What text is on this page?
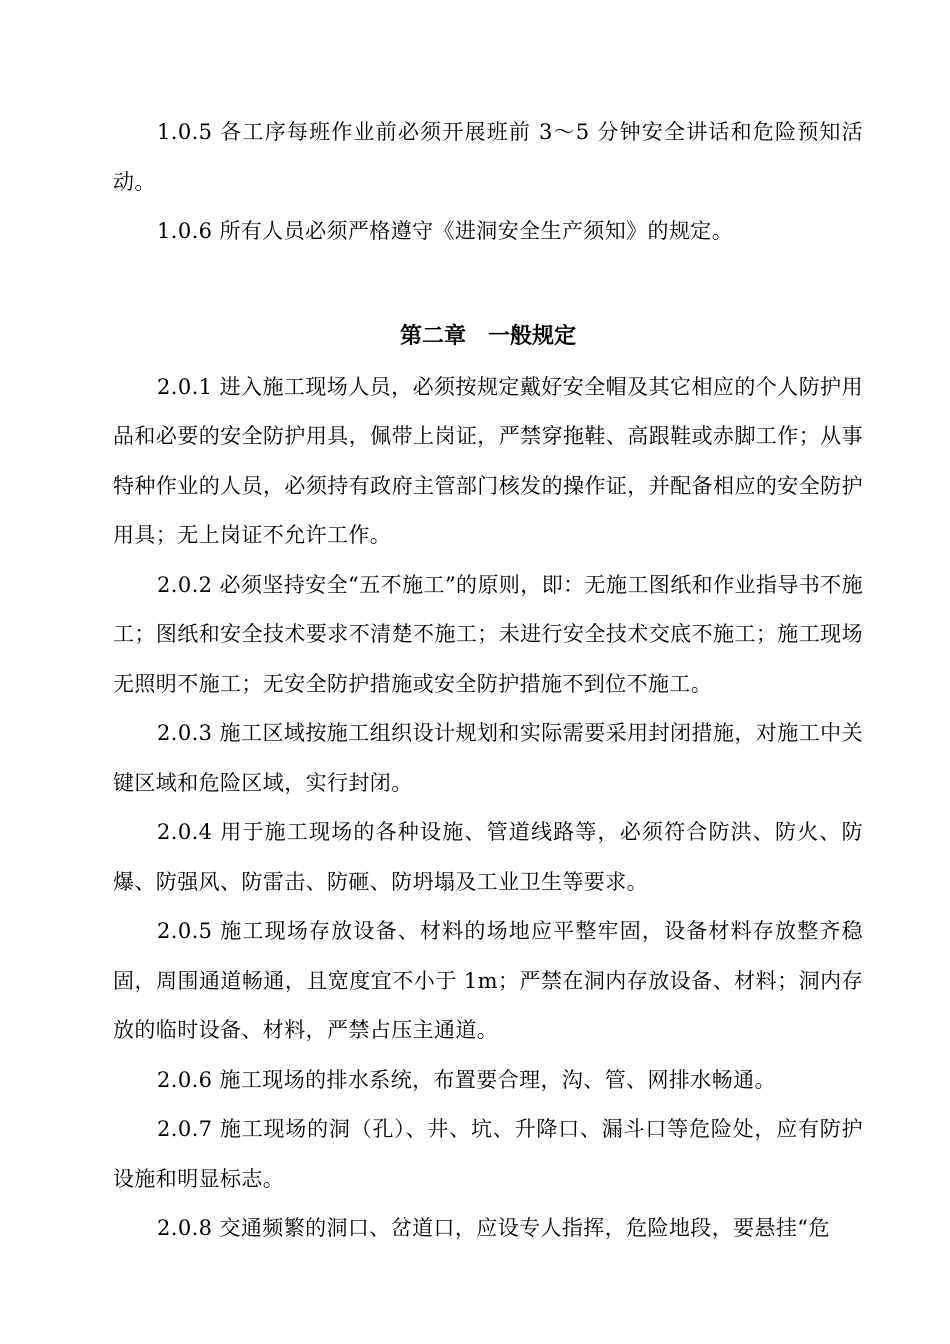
1.0.5 各工序每班作业前必须开展班前 3～5 分钟安全讲话和危险预知活动。

1.0.6 所有人员必须严格遵守《进洞安全生产须知》的规定。

第二章　一般规定

2.0.1 进入施工现场人员，必须按规定戴好安全帽及其它相应的个人防护用品和必要的安全防护用具，佩带上岗证，严禁穿拖鞋、高跟鞋或赤脚工作；从事特种作业的人员，必须持有政府主管部门核发的操作证，并配备相应的安全防护用具；无上岗证不允许工作。

2.0.2 必须坚持安全“五不施工”的原则，即：无施工图纸和作业指导书不施工；图纸和安全技术要求不清楚不施工；未进行安全技术交底不施工；施工现场无照明不施工；无安全防护措施或安全防护措施不到位不施工。

2.0.3 施工区域按施工组织设计规划和实际需要采用封闭措施，对施工中关键区域和危险区域，实行封闭。

2.0.4 用于施工现场的各种设施、管道线路等，必须符合防洪、防火、防爆、防强风、防雷击、防砸、防坍塌及工业卫生等要求。

2.0.5 施工现场存放设备、材料的场地应平整牢固，设备材料存放整齐稳固，周围通道畅通，且宽度宜不小于 1m；严禁在洞内存放设备、材料；洞内存放的临时设备、材料，严禁占压主通道。

2.0.6 施工现场的排水系统，布置要合理，沟、管、网排水畅通。

2.0.7 施工现场的洞（孔）、井、坑、升降口、漏斗口等危险处，应有防护设施和明显标志。

2.0.8 交通频繁的洞口、岔道口，应设专人指挥，危险地段，要悬挂“危
